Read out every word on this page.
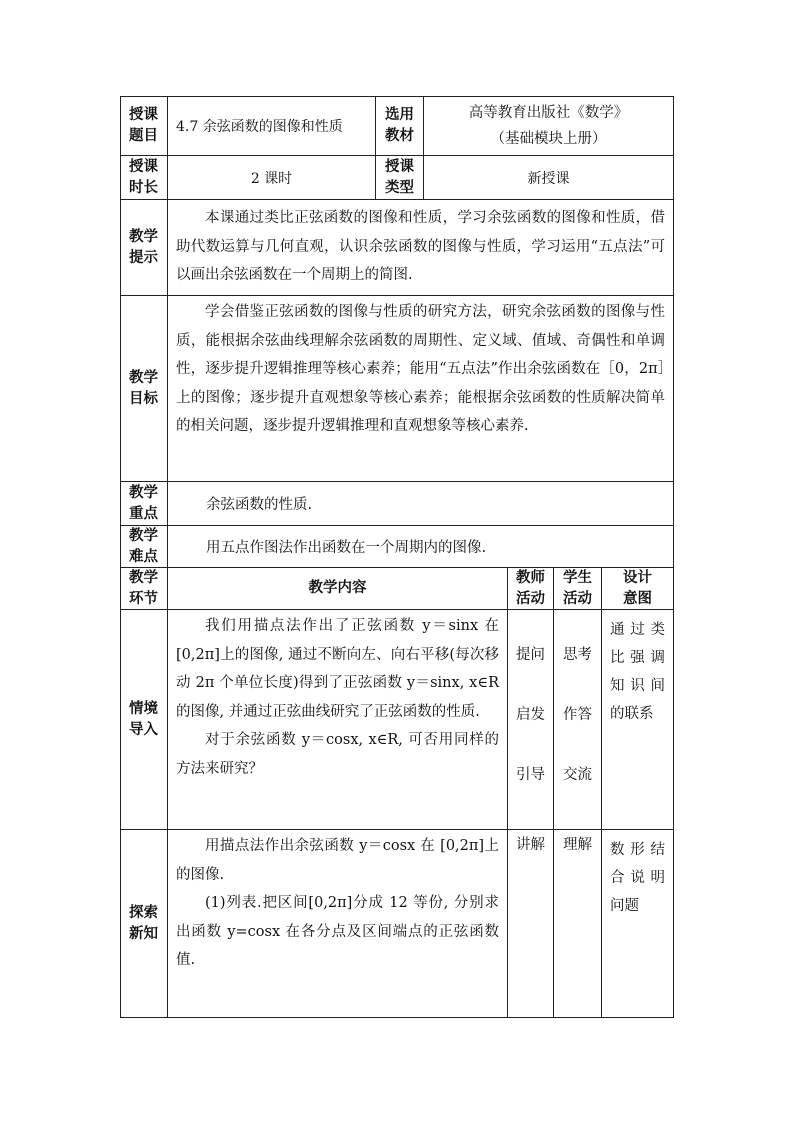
授课
题目
4.7 余弦函数的图像和性质
选用
教材
高等教育出版社《数学》
（基础模块上册）
授课
时长
2 课时
授课
类型
新授课
教学
提示

本课通过类比正弦函数的图像和性质，学习余弦函数的图像和性质，借助代数运算与几何直观，认识余弦函数的图像与性质，学习运用“五点法”可以画出余弦函数在一个周期上的简图.

教学
目标

学会借鉴正弦函数的图像与性质的研究方法，研究余弦函数的图像与性质，能根据余弦曲线理解余弦函数的周期性、定义域、值域、奇偶性和单调性，逐步提升逻辑推理等核心素养；能用“五点法”作出余弦函数在［0，2π］上的图像；逐步提升直观想象等核心素养；能根据余弦函数的性质解决简单的相关问题，逐步提升逻辑推理和直观想象等核心素养.

教学
重点
余弦函数的性质.
教学
难点
用五点作图法作出函数在一个周期内的图像.
教学
环节
教学内容
教师
活动
学生
活动
设计
意图
情境
导入

我们用描点法作出了正弦函数 y＝sinx 在[0,2π]上的图像, 通过不断向左、向右平移(每次移动 2π 个单位长度)得到了正弦函数 y＝sinx, x∈R 的图像, 并通过正弦曲线研究了正弦函数的性质.

对于余弦函数 y＝cosx, x∈R, 可否用同样的方法来研究？

提问
启发
引导
思考
作答
交流
通过类
比强调
知识间
的联系
探索
新知

用描点法作出余弦函数 y＝cosx 在 [0,2π]上的图像.

(1)列表.把区间[0,2π]分成 12 等份, 分别求出函数 y=cosx 在各分点及区间端点的正弦函数值.

讲解 理解 数形结
合说明
问题
